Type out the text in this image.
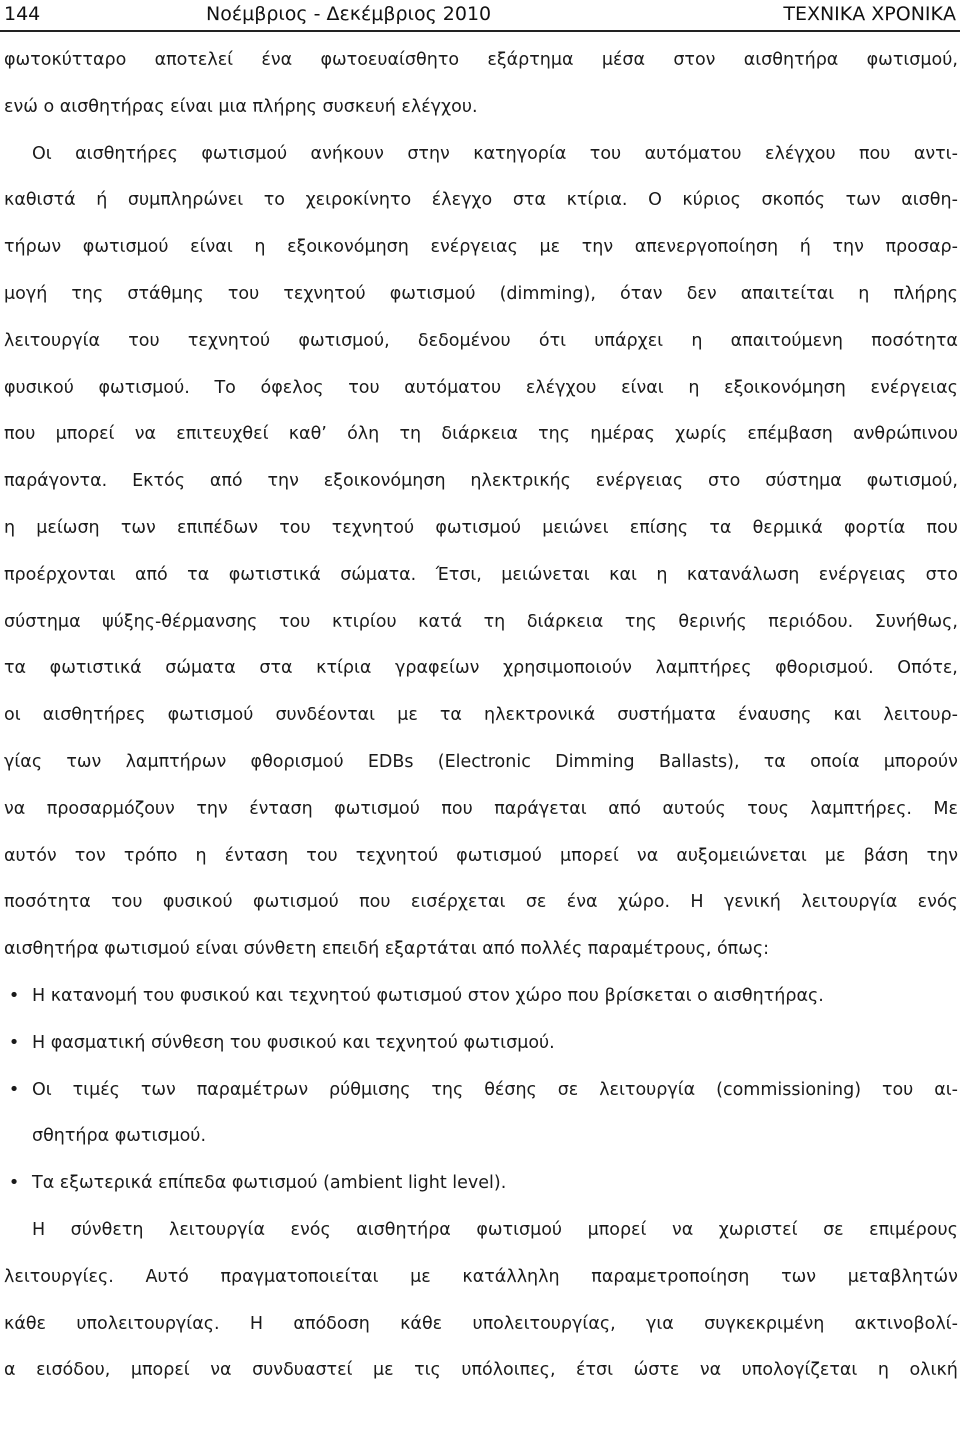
144	Νοέμβριος - Δεκέμβριος 2010	ΤΕΧΝΙΚΑ ΧΡΟΝΙΚΑ
φωτοκύτταρο αποτελεί ένα φωτοευαίσθητο εξάρτημα μέσα στον αισθητήρα φωτισμού,
ενώ ο αισθητήρας είναι μια πλήρης συσκευή ελέγχου.
Οι αισθητήρες φωτισμού ανήκουν στην κατηγορία του αυτόματου ελέγχου που αντι-
καθιστά ή συμπληρώνει το χειροκίνητο έλεγχο στα κτίρια. Ο κύριος σκοπός των αισθη-
τήρων φωτισμού είναι η εξοικονόμηση ενέργειας με την απενεργοποίηση ή την προσαρ-
μογή της στάθμης του τεχνητού φωτισμού (dimming), όταν δεν απαιτείται η πλήρης
λειτουργία του τεχνητού φωτισμού, δεδομένου ότι υπάρχει η απαιτούμενη ποσότητα
φυσικού φωτισμού. Το όφελος του αυτόματου ελέγχου είναι η εξοικονόμηση ενέργειας
που μπορεί να επιτευχθεί καθ’ όλη τη διάρκεια της ημέρας χωρίς επέμβαση ανθρώπινου
παράγοντα. Εκτός από την εξοικονόμηση ηλεκτρικής ενέργειας στο σύστημα φωτισμού,
η μείωση των επιπέδων του τεχνητού φωτισμού μειώνει επίσης τα θερμικά φορτία που
προέρχονται από τα φωτιστικά σώματα. Έτσι, μειώνεται και η κατανάλωση ενέργειας στο
σύστημα ψύξης-θέρμανσης του κτιρίου κατά τη διάρκεια της θερινής περιόδου. Συνήθως,
τα φωτιστικά σώματα στα κτίρια γραφείων χρησιμοποιούν λαμπτήρες φθορισμού. Οπότε,
οι αισθητήρες φωτισμού συνδέονται με τα ηλεκτρονικά συστήματα έναυσης και λειτουρ-
γίας των λαμπτήρων φθορισμού EDBs (Electronic Dimming Ballasts), τα οποία μπορούν
να προσαρμόζουν την ένταση φωτισμού που παράγεται από αυτούς τους λαμπτήρες. Με
αυτόν τον τρόπο η ένταση του τεχνητού φωτισμού μπορεί να αυξομειώνεται με βάση την
ποσότητα του φυσικού φωτισμού που εισέρχεται σε ένα χώρο. Η γενική λειτουργία ενός
αισθητήρα φωτισμού είναι σύνθετη επειδή εξαρτάται από πολλές παραμέτρους, όπως:
• Η κατανομή του φυσικού και τεχνητού φωτισμού στον χώρο που βρίσκεται ο αισθητήρας.
• Η φασματική σύνθεση του φυσικού και τεχνητού φωτισμού.
• Οι τιμές των παραμέτρων ρύθμισης της θέσης σε λειτουργία (commissioning) του αι-
σθητήρα φωτισμού.
• Τα εξωτερικά επίπεδα φωτισμού (ambient light level).
Η σύνθετη λειτουργία ενός αισθητήρα φωτισμού μπορεί να χωριστεί σε επιμέρους
λειτουργίες. Αυτό πραγματοποιείται με κατάλληλη παραμετροποίηση των μεταβλητών
κάθε υπολειτουργίας. Η απόδοση κάθε υπολειτουργίας, για συγκεκριμένη ακτινοβολί-
α εισόδου, μπορεί να συνδυαστεί με τις υπόλοιπες, έτσι ώστε να υπολογίζεται η ολική
